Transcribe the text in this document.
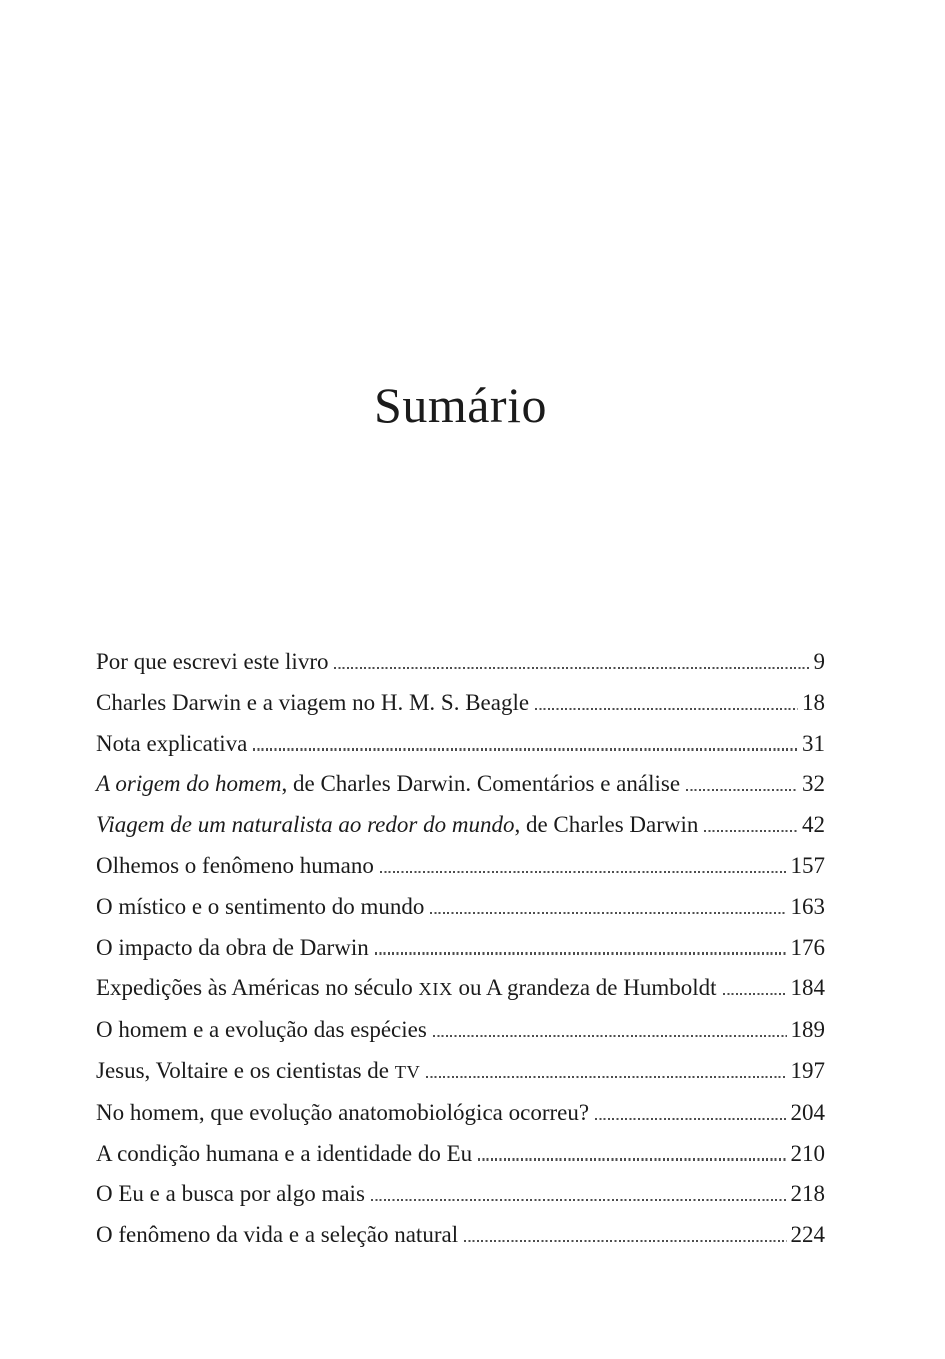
Sumário
Por que escrevi este livro	9
Charles Darwin e a viagem no H. M. S. Beagle	18
Nota explicativa	31
A origem do homem, de Charles Darwin. Comentários e análise	32
Viagem de um naturalista ao redor do mundo, de Charles Darwin	42
Olhemos o fenômeno humano	157
O místico e o sentimento do mundo	163
O impacto da obra de Darwin	176
Expedições às Américas no século XIX ou A grandeza de Humboldt	184
O homem e a evolução das espécies	189
Jesus, Voltaire e os cientistas de TV	197
No homem, que evolução anatomobiológica ocorreu?	204
A condição humana e a identidade do Eu	210
O Eu e a busca por algo mais	218
O fenômeno da vida e a seleção natural	224
